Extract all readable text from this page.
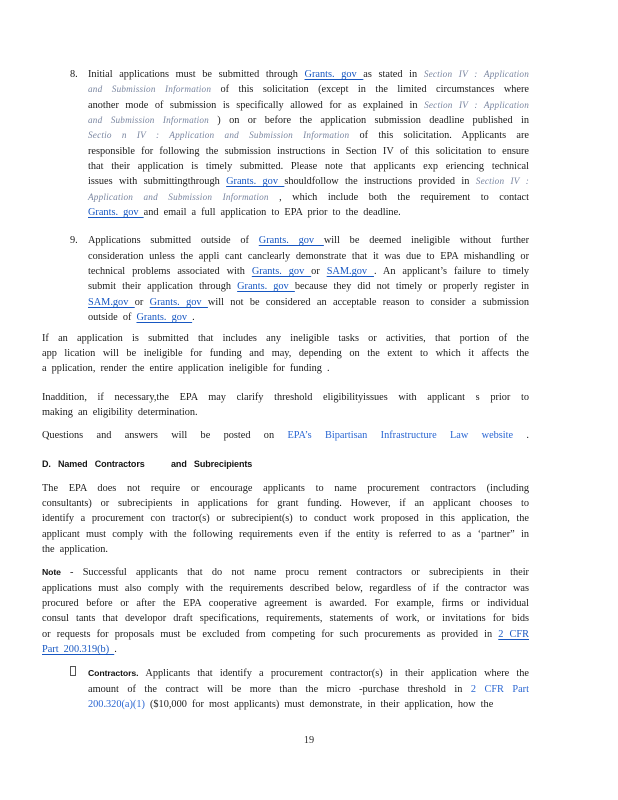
8. Initial applications must be submitted through Grants. gov as stated in Section IV : Application
and Submission Information of this solicitation (except in the limited circumstances where
another mode of submission is specifically allowed for as explained in Section IV : Application
and Submission Information ) on or before the application submission deadline published in
Sectio n IV : Application and Submission Information of this solicitation. Applicants are
responsible for following the submission instructions in Section IV of this solicitation to ensure
that their application is timely submitted. Please note that applicants exp eriencing technical
issues with submittingthrough Grants. gov shouldfollow the instructions provided in Section IV :
Application and Submission Information , which include both the requirement to contact
Grants. gov and email a full application to EPA prior to the deadline.
9. Applications submitted outside of Grants. gov will be deemed ineligible without further
consideration unless the appli cant canclearly demonstrate that it was due to EPA mishandling or
technical problems associated with Grants. gov or SAM.gov . An applicant’s failure to timely
submit their application through Grants. gov because they did not timely or properly register in
SAM.gov or Grants. gov will not be considered an acceptable reason to consider a submission
outside of Grants. gov .
If an application is submitted that includes any ineligible tasks or activities, that portion of the
app lication will be ineligible for funding and may, depending on the extent to which it affects the
a pplication, render the entire application ineligible for funding .
Inaddition, if necessary,the EPA may clarify threshold eligibilityissues with applicant s prior to
making an eligibility determination.
Questions and answers will be posted on EPA’s Bipartisan Infrastructure Law website .
D.   Named   Contractors           and   Subrecipients
The EPA does not require or encourage applicants to name procurement contractors (including
consultants) or subrecipients in applications for grant funding. However, if an applicant chooses to
identify a procurement con tractor(s) or subrecipient(s) to conduct work proposed in this application, the
applicant must comply with the following requirements even if the entity is referred to as a ‘partner” in
the application.
Note - Successful applicants that do not name procu rement contractors or subrecipients in their
applications must also comply with the requirements described below, regardless of if the contractor was
procured before or after the EPA cooperative agreement is awarded. For example, firms or individual
consul tants that developor draft specifications, requirements, statements of work, or invitations for bids
or requests for proposals must be excluded from competing for such procurements as provided in 2 CFR
Part 200.319(b) .
Contractors. Applicants that identify a procurement contractor(s) in their application where the
amount of the contract will be more than the micro -purchase threshold in 2 CFR Part
200.320(a)(1) ($10,000 for most applicants) must demonstrate, in their application, how the
19
